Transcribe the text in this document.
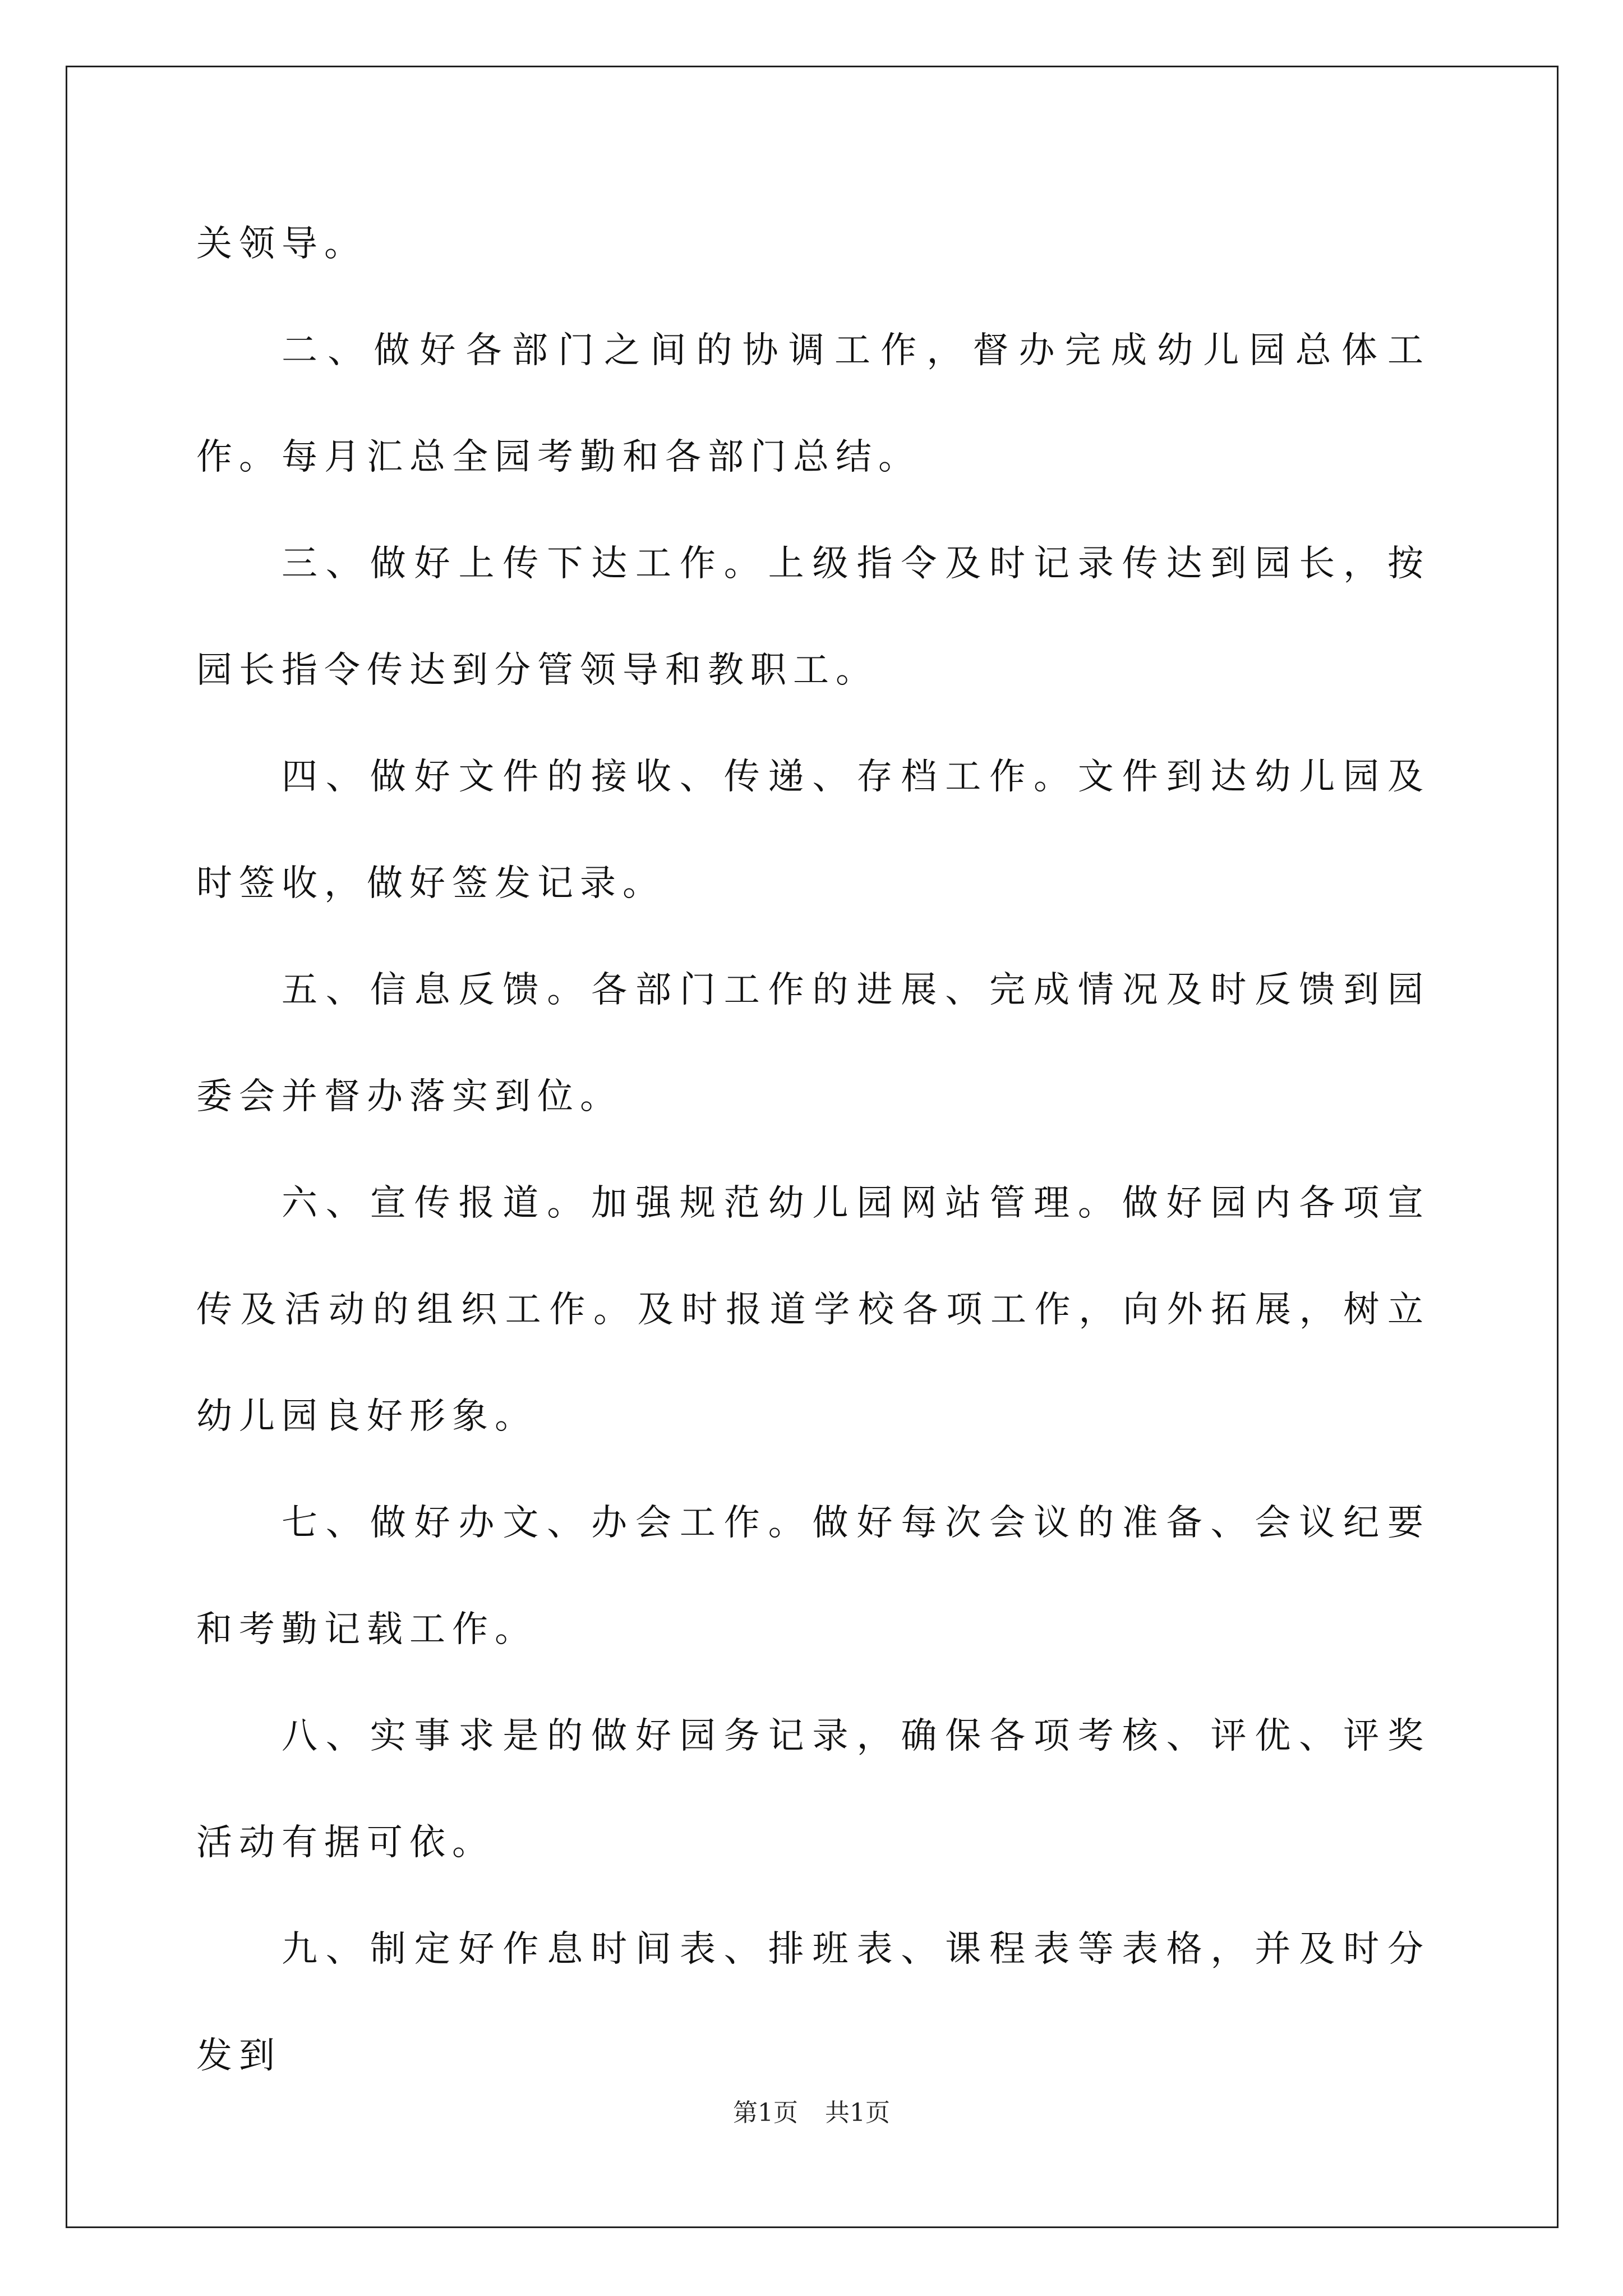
关领导。

二、做好各部门之间的协调工作，督办完成幼儿园总体工作。每月汇总全园考勤和各部门总结。

三、做好上传下达工作。上级指令及时记录传达到园长，按园长指令传达到分管领导和教职工。

四、做好文件的接收、传递、存档工作。文件到达幼儿园及时签收，做好签发记录。

五、信息反馈。各部门工作的进展、完成情况及时反馈到园委会并督办落实到位。

六、宣传报道。加强规范幼儿园网站管理。做好园内各项宣传及活动的组织工作。及时报道学校各项工作，向外拓展，树立幼儿园良好形象。

七、做好办文、办会工作。做好每次会议的准备、会议纪要和考勤记载工作。

八、实事求是的做好园务记录，确保各项考核、评优、评奖活动有据可依。

九、制定好作息时间表、排班表、课程表等表格，并及时分发到

第1页 共1页
